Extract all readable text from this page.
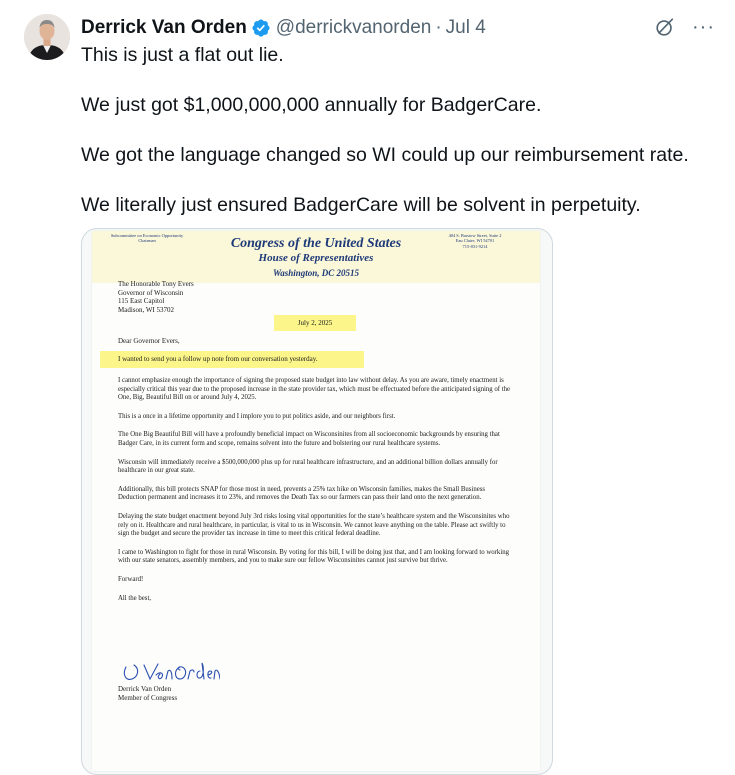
Derrick Van Orden @derrickvanorden · Jul 4	···

This is just a flat out lie.

We just got $1,000,000,000 annually for BadgerCare.

We got the language changed so WI could up our reimbursement rate.

We literally just ensured BadgerCare will be solvent in perpetuity.

Subcommittee on Economic Opportunity
Chairman
404 S. Barstow Street, Suite 2
Eau Claire, WI 54701
715-831-9214
Congress of the United States
House of Representatives
Washington, DC 20515
The Honorable Tony Evers
Governor of Wisconsin
115 East Capitol
Madison, WI 53702
July 2, 2025
Dear Governor Evers,
I wanted to send you a follow up note from our conversation yesterday.

I cannot emphasize enough the importance of signing the proposed state budget into law without delay. As you are aware, timely enactment is especially critical this year due to the proposed increase in the state provider tax, which must be effectuated before the anticipated signing of the One, Big, Beautiful Bill on or around July 4, 2025.

This is a once in a lifetime opportunity and I implore you to put politics aside, and our neighbors first.

The One Big Beautiful Bill will have a profoundly beneficial impact on Wisconsinites from all socioeconomic backgrounds by ensuring that Badger Care, in its current form and scope, remains solvent into the future and bolstering our rural healthcare systems.

Wisconsin will immediately receive a $500,000,000 plus up for rural healthcare infrastructure, and an additional billion dollars annually for healthcare in our great state.

Additionally, this bill protects SNAP for those most in need, prevents a 25% tax hike on Wisconsin families, makes the Small Business Deduction permanent and increases it to 23%, and removes the Death Tax so our farmers can pass their land onto the next generation.

Delaying the state budget enactment beyond July 3rd risks losing vital opportunities for the state’s healthcare system and the Wisconsinites who rely on it. Healthcare and rural healthcare, in particular, is vital to us in Wisconsin. We cannot leave anything on the table. Please act swiftly to sign the budget and secure the provider tax increase in time to meet this critical federal deadline.

I came to Washington to fight for those in rural Wisconsin. By voting for this bill, I will be doing just that, and I am looking forward to working with our state senators, assembly members, and you to make sure our fellow Wisconsinites cannot just survive but thrive.

Forward!

All the best,

Derrick Van Orden
Member of Congress
